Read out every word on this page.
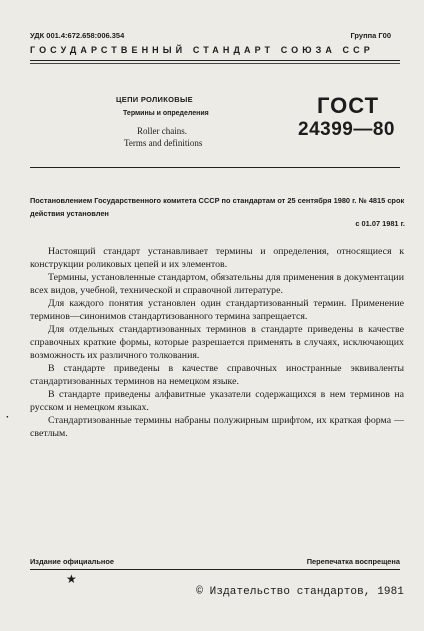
УДК 001.4:672.658:006.354	Группа Г00
ГОСУДАРСТВЕННЫЙ СТАНДАРТ СОЮЗА ССР
ЦЕПИ РОЛИКОВЫЕ
Термины и определения
Roller chains.
Terms and definitions
ГОСТ
24399—80
Постановлением Государственного комитета СССР по стандартам от 25 сентября 1980 г. № 4815 срок действия установлен
с 01.07 1981 г.

Настоящий стандарт устанавливает термины и определения, относящиеся к конструкции роликовых цепей и их элементов.

Термины, установленные стандартом, обязательны для применения в документации всех видов, учебной, технической и справочной литературе.

Для каждого понятия установлен один стандартизованный термин. Применение терминов—синонимов стандартизованного термина запрещается.

Для отдельных стандартизованных терминов в стандарте приведены в качестве справочных краткие формы, которые разрешается применять в случаях, исключающих возможность их различного толкования.

В стандарте приведены в качестве справочных иностранные эквиваленты стандартизованных терминов на немецком языке.

В стандарте приведены алфавитные указатели содержащихся в нем терминов на русском и немецком языках.

Стандартизованные термины набраны полужирным шрифтом, их краткая форма — светлым.

·
Издание официальное	Перепечатка воспрещена
★
© Издательство стандартов, 1981
